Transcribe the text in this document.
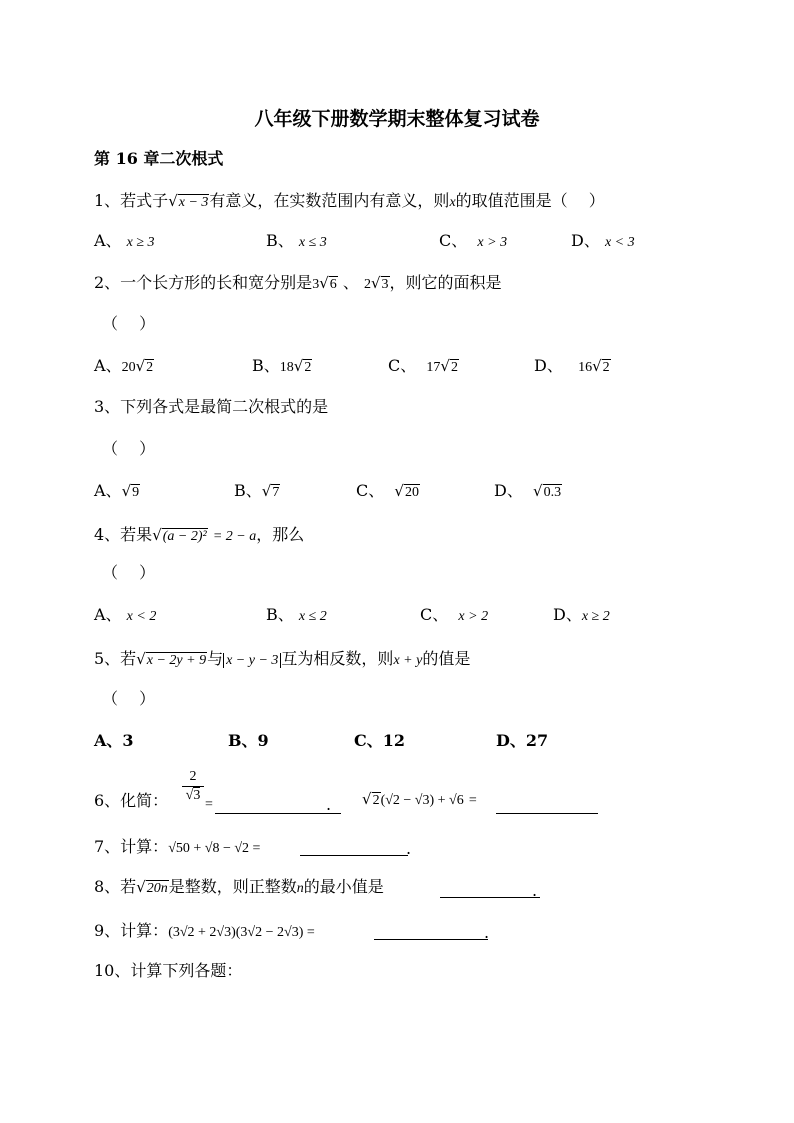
八年级下册数学期末整体复习试卷
第 16 章二次根式
1、若式子√x − 3有意义，在实数范围内有意义，则x的取值范围是（　 ）
A、 x ≥ 3	B、 x ≤ 3	C、 x > 3	D、 x < 3
2、一个长方形的长和宽分别是3√6 、 2√3，则它的面积是
（　 ）
A、20√2	B、18√2	C、 17√2	D、 16√2
3、下列各式是最简二次根式的是
（　 ）
A、√9	B、√7	C、 √20	D、 √0.3
4、若果√(a − 2)² = 2 − a，那么
（　 ）
A、 x < 2	B、 x ≤ 2	C、 x > 2	D、x ≥ 2
5、若√x − 2y + 9与 x − y − 3 互为相反数，则x + y的值是
（　 ）
A、3	B、9	C、12	D、27
6、化简：
2
√3
=	. √2(√2 − √3) + √6 =
7、计算：√50 + √8 − √2 =	.
8、若√20n是整数，则正整数n的最小值是	.
9、计算：(3√2 + 2√3)(3√2 − 2√3) =	.
10、计算下列各题：
